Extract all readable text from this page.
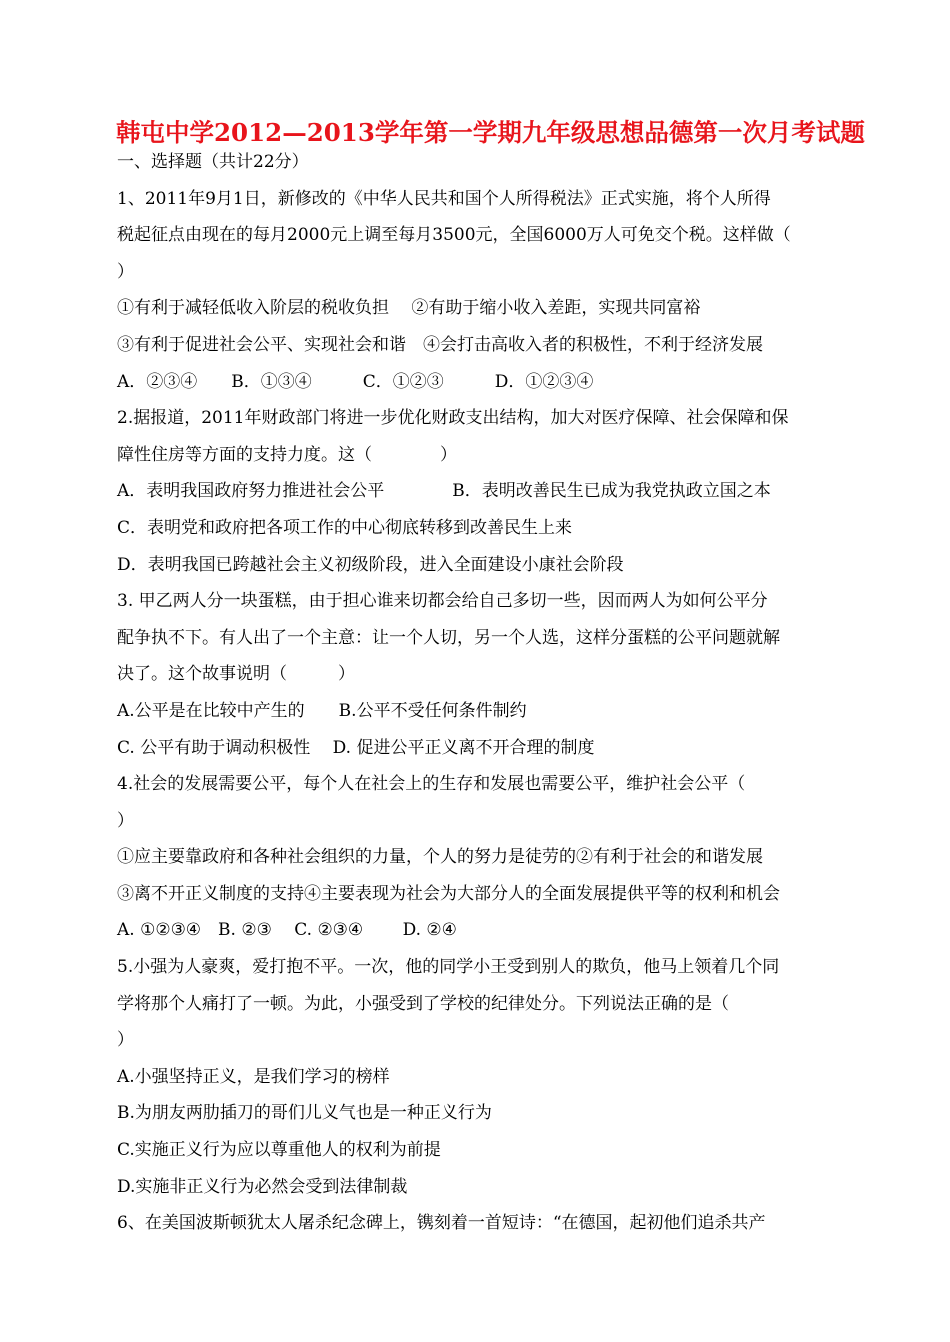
韩屯中学2012—2013学年第一学期九年级思想品德第一次月考试题
一、选择题（共计22分）
1、2011年9月1日，新修改的《中华人民共和国个人所得税法》正式实施，将个人所得
税起征点由现在的每月2000元上调至每月3500元，全国6000万人可免交个税。这样做（
）
①有利于减轻低收入阶层的税收负担　 ②有助于缩小收入差距，实现共同富裕
③有利于促进社会公平、实现社会和谐　④会打击高收入者的积极性，不利于经济发展
A．②③④　　B．①③④　　　C．①②③　　　D．①②③④
2.据报道，2011年财政部门将进一步优化财政支出结构，加大对医疗保障、社会保障和保
障性住房等方面的支持力度。这（　　　　）
A．表明我国政府努力推进社会公平　　　　B．表明改善民生已成为我党执政立国之本
C．表明党和政府把各项工作的中心彻底转移到改善民生上来
D．表明我国已跨越社会主义初级阶段，进入全面建设小康社会阶段
3. 甲乙两人分一块蛋糕，由于担心谁来切都会给自己多切一些，因而两人为如何公平分
配争执不下。有人出了一个主意：让一个人切，另一个人选，这样分蛋糕的公平问题就解
决了。这个故事说明（　　　）
A.公平是在比较中产生的　　B.公平不受任何条件制约
C. 公平有助于调动积极性　 D. 促进公平正义离不开合理的制度
4.社会的发展需要公平，每个人在社会上的生存和发展也需要公平，维护社会公平（
）
①应主要靠政府和各种社会组织的力量，个人的努力是徒劳的②有利于社会的和谐发展
③离不开正义制度的支持④主要表现为社会为大部分人的全面发展提供平等的权利和机会
A. ①②③④　B. ②③　 C. ②③④　　 D. ②④
5.小强为人豪爽，爱打抱不平。一次，他的同学小王受到别人的欺负，他马上领着几个同
学将那个人痛打了一顿。为此，小强受到了学校的纪律处分。下列说法正确的是（
）
A.小强坚持正义，是我们学习的榜样
B.为朋友两肋插刀的哥们儿义气也是一种正义行为
C.实施正义行为应以尊重他人的权利为前提
D.实施非正义行为必然会受到法律制裁
6、在美国波斯顿犹太人屠杀纪念碑上，镌刻着一首短诗：“在德国，起初他们追杀共产
